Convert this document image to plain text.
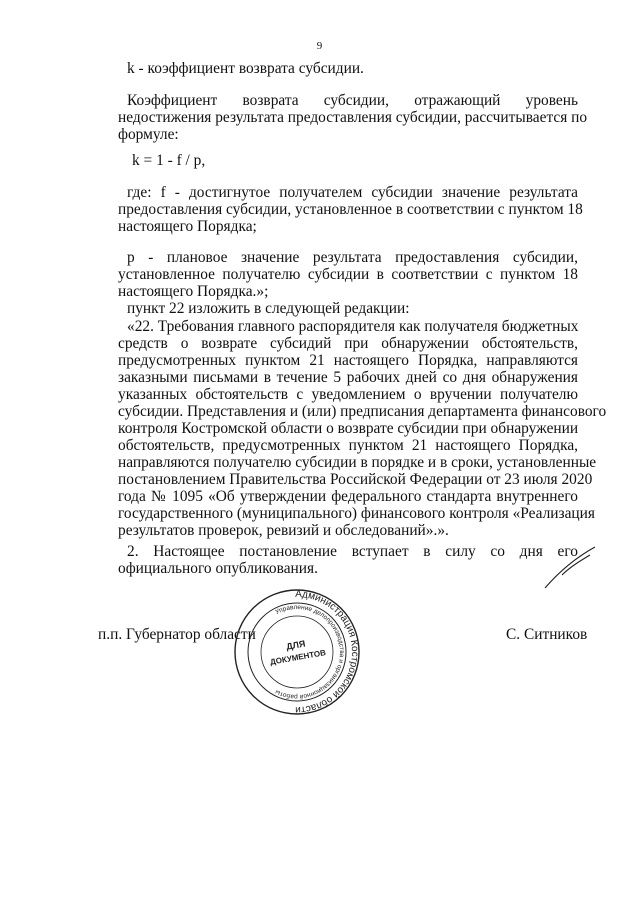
9
k - коэффициент возврата субсидии.
Коэффициент возврата субсидии, отражающий уровень
недостижения результата предоставления субсидии, рассчитывается по
формуле:
где: f - достигнутое получателем субсидии значение результата
предоставления субсидии, установленное в соответствии с пунктом 18
настоящего Порядка;
p - плановое значение результата предоставления субсидии,
установленное получателю субсидии в соответствии с пунктом 18
настоящего Порядка.»;
пункт 22 изложить в следующей редакции:
«22. Требования главного распорядителя как получателя бюджетных
средств о возврате субсидий при обнаружении обстоятельств,
предусмотренных пунктом 21 настоящего Порядка, направляются
заказными письмами в течение 5 рабочих дней со дня обнаружения
указанных обстоятельств с уведомлением о вручении получателю
субсидии. Представления и (или) предписания департамента финансового
контроля Костромской области о возврате субсидии при обнаружении
обстоятельств, предусмотренных пунктом 21 настоящего Порядка,
направляются получателю субсидии в порядке и в сроки, установленные
постановлением Правительства Российской Федерации от 23 июля 2020
года № 1095 «Об утверждении федерального стандарта внутреннего
государственного (муниципального) финансового контроля «Реализация
результатов проверок, ревизий и обследований».».
2. Настоящее постановление вступает в силу со дня его
официального опубликования.
k = 1 - f / p,
п.п. Губернатор области	С. Ситников
Администрация Костромской области
Управление делопроизводства и организационной работы
ДЛЯ
ДОКУМЕНТОВ
